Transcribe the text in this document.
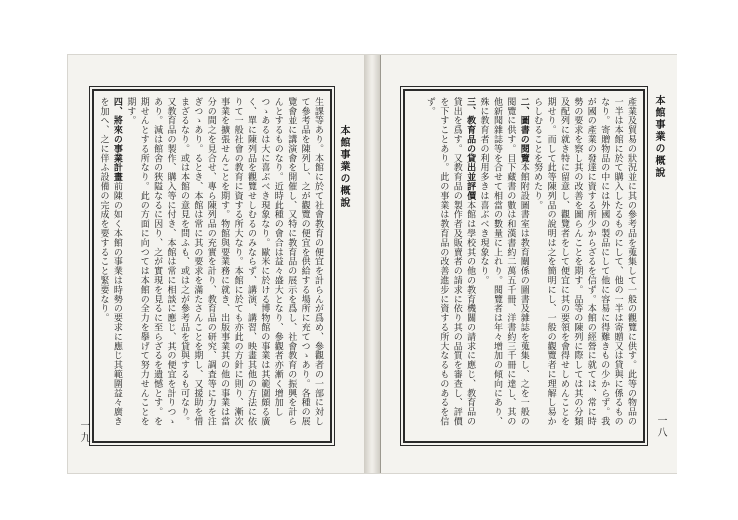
本館事業の概說
生課等あり。本館に於て社會教育の便宜を計らんが爲め、參觀者の一部に対して參考品を陳列し、之が觀覽の便宜を供給する場所に充てつゝあり。各種の展覽會並に講演會を開催し、又特に教育品の展示を爲し、社會教育の振興を計らんとするものなり。近時此種の會合は益々盛大となり、參觀者亦漸く增加しつゝあるは大に喜ぶべき現象なり。歐米に於ける博物館の事業は其範圍頗る廣く、單に陳列品を觀覽せしむるのみならず、講演、講習、映畫其他の方法に依りて一般社會の教育に資する所大なり。本館に於ても亦此の方針に則り、漸次事業を擴張せんことを期す。物館與要業務に就き、出版事業其の他の事業は當分の間之を見合せ、專ら陳列品の充實を計り、教育品の研究、調査等に力を注ぎつゝあり。るとき、本館は常に其の要求を滿たさんことを期し、又援助を惜まざるなり。或は本館の意見を問ふも、或は之が參考品を貸與するも可なり。又教育品の製作、購入等に付き、本館は常に相談に應じ、其の便宜を計りつゝあり。減は館舍の狹隘なるに因り、之が實現を見るに至らざるを遺憾とす。を期せんとする所なり。此の方面に向つては本館の全力を擧げて努力せんことを期す。
四、將來の事業計畫前陳の如く本館の事業は時勢の要求に應じ其範圍益々廣きを加へ、之に伴ふ設備の完成を要すること緊要なり。
一九
本館事業の概說
產業及貿易の狀況並に其の參考品を蒐集して一般の觀覽に供す。此等の物品の一半は本館に於て購入したるものにして、他の一半は寄贈又は貸與に係るものなり。寄贈物品の中には外國の製品にして他に容易に得難きもの少からず。我が國の產業の發達に資する所少からざるを信ず。本館の經營に就ては、常に時勢の要求を察し其の改善を圖らんことを期す。品等の陳列に際しては其の分類及配列に就き特に留意し、觀覽者をして便宜に其の要領を會得せしめんことを期せり。而して此等陳列品の說明は之を簡明にし、一般の觀覽者に理解し易からしむることを努めたり。
二、圖書の閱覽本館附設圖書室は教育關係の圖書及雜誌を蒐集し、之を一般の閱覽に供す。目下藏書の數は和漢書約二萬五千冊、洋書約三千冊に達し、其の他新聞雜誌等を合せて相當の數量に上れり。閱覽者は年々增加の傾向にあり、殊に教育者の利用多きは喜ぶべき現象なり。
三、教育品の貸出並評價本館は學校其の他の教育機關の請求に應じ、教育品の貸出を爲す。又教育品の製作者及販賣者の請求に依り其の品質を審查し、評價を下すことあり。此の事業は教育品の改善進步に資する所大なるものあるを信ず。
一八
